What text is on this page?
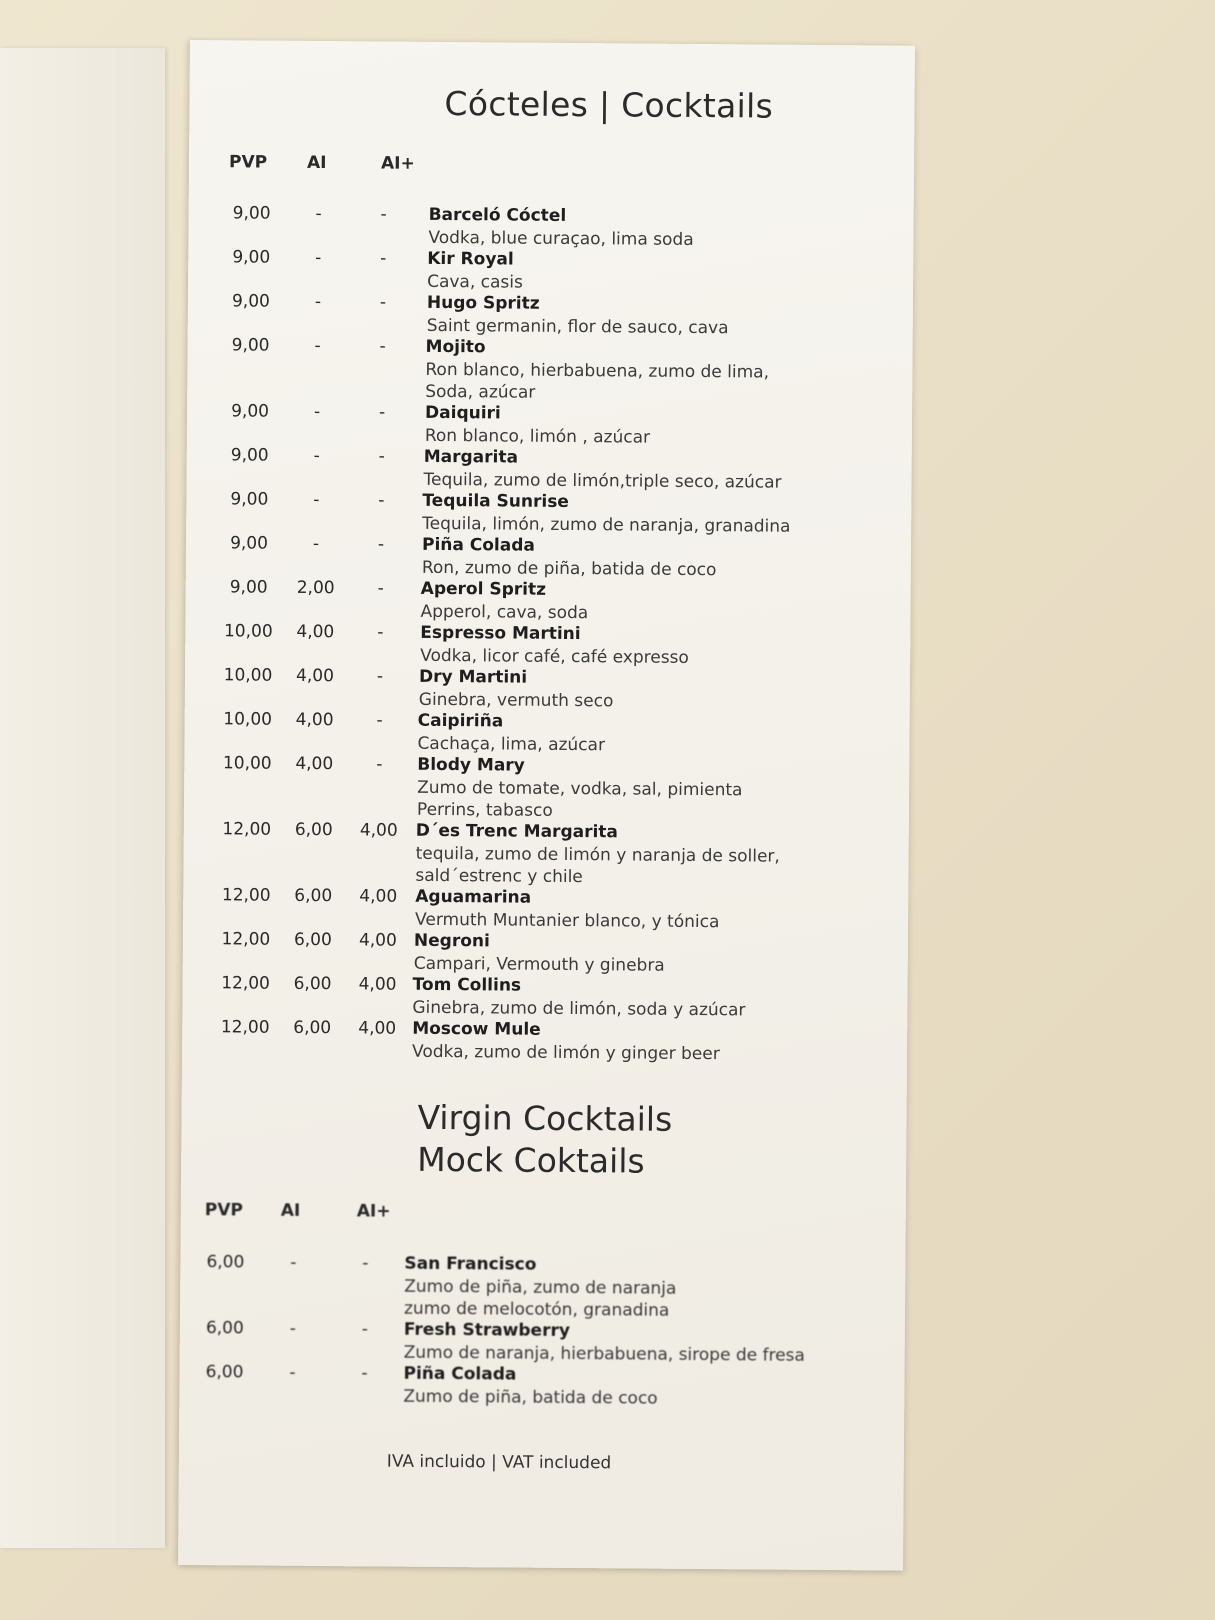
Cócteles | Cocktails
PVP AI	AI+
9,00	-	-	Barceló Cóctel
Vodka, blue curaçao, lima soda
9,00	-	-	Kir Royal
Cava, casis
9,00	-	-	Hugo Spritz
Saint germanin, flor de sauco, cava
9,00	-	-	Mojito
Ron blanco, hierbabuena, zumo de lima,
Soda, azúcar
9,00	-	-	Daiquiri
Ron blanco, limón , azúcar
9,00	-	-	Margarita
Tequila, zumo de limón,triple seco, azúcar
9,00	-	-	Tequila Sunrise
Tequila, limón, zumo de naranja, granadina
9,00	-	-	Piña Colada
Ron, zumo de piña, batida de coco
9,00	2,00	-	Aperol Spritz
Apperol, cava, soda
10,00	4,00	-	Espresso Martini
Vodka, licor café, café expresso
10,00	4,00	-	Dry Martini
Ginebra, vermuth seco
10,00	4,00	-	Caipiriña
Cachaça, lima, azúcar
10,00	4,00	-	Blody Mary
Zumo de tomate, vodka, sal, pimienta
Perrins, tabasco
12,00	6,00	4,00	D´es Trenc Margarita
tequila, zumo de limón y naranja de soller,
sald´estrenc y chile
12,00	6,00	4,00	Aguamarina
Vermuth Muntanier blanco, y tónica
12,00	6,00	4,00 Negroni
Campari, Vermouth y ginebra
12,00	6,00	4,00 Tom Collins
Ginebra, zumo de limón, soda y azúcar
12,00	6,00	4,00 Moscow Mule
Vodka, zumo de limón y ginger beer
Virgin Cocktails
Mock Coktails
PVP AI	AI+
6,00	-	-	San Francisco
Zumo de piña, zumo de naranja
zumo de melocotón, granadina
6,00	-	-	Fresh Strawberry
Zumo de naranja, hierbabuena, sirope de fresa
6,00	-	-	Piña Colada
Zumo de piña, batida de coco
IVA incluido | VAT included
